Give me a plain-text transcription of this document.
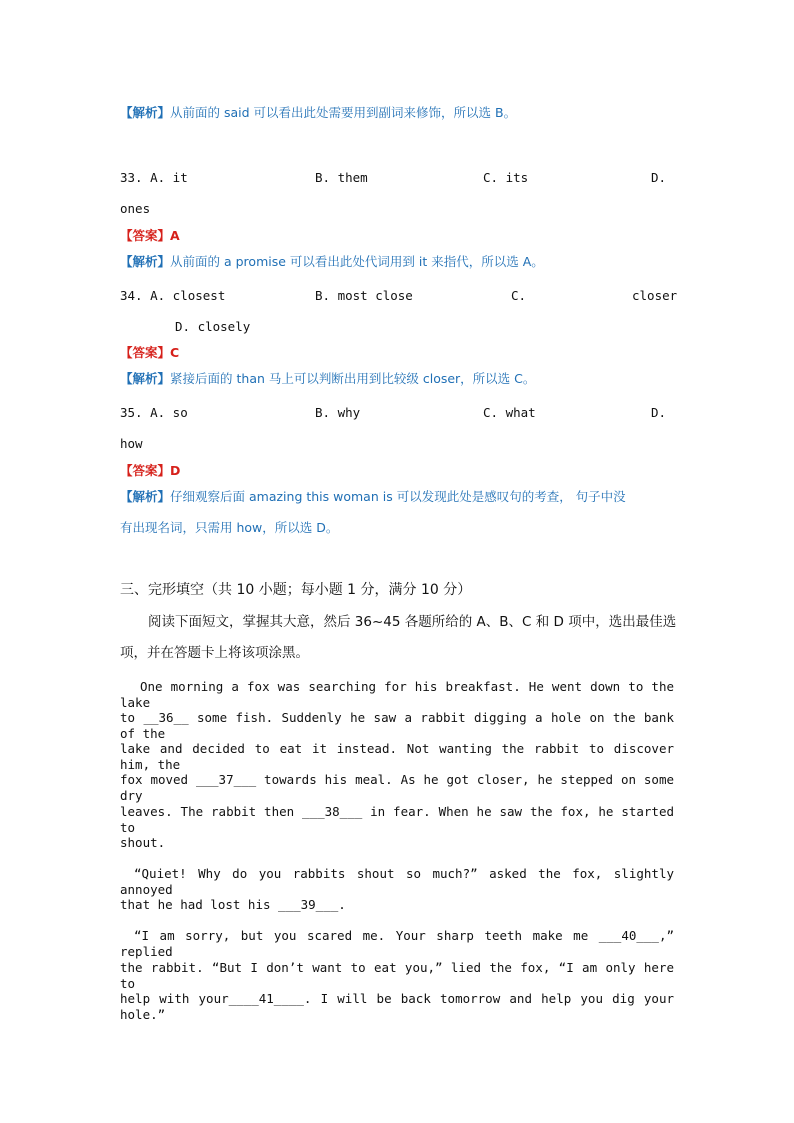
【解析】从前面的 said 可以看出此处需要用到副词来修饰，所以选 B。
33. A. it	B. them	C. its	D.
ones
【答案】A
【解析】从前面的 a promise 可以看出此处代词用到 it 来指代，所以选 A。
34. A. closest	B. most close	C.	closer
D. closely
【答案】C
【解析】紧接后面的 than 马上可以判断出用到比较级 closer，所以选 C。
35. A. so	B. why	C. what	D.
how
【答案】D
【解析】仔细观察后面 amazing this woman is 可以发现此处是感叹句的考查， 句子中没
有出现名词，只需用 how，所以选 D。
三、完形填空（共 10 小题；每小题 1 分，满分 10 分）
阅读下面短文，掌握其大意，然后 36~45 各题所给的 A、B、C 和 D 项中，选出最佳选
项，并在答题卡上将该项涂黑。
One morning a fox was searching for his breakfast. He went down to the lake
to __36__ some fish. Suddenly he saw a rabbit digging a hole on the bank of the
lake and decided to eat it instead. Not wanting the rabbit to discover him, the
fox moved ___37___ towards his meal. As he got closer, he stepped on some dry
leaves. The rabbit then ___38___ in fear. When he saw the fox, he started to
shout.
“Quiet! Why do you rabbits shout so much?” asked the fox, slightly annoyed
that he had lost his ___39___.
“I am sorry, but you scared me. Your sharp teeth make me ___40___,” replied
the rabbit. “But I don’t want to eat you,” lied the fox, “I am only here to
help with your____41____. I will be back tomorrow and help you dig your hole.”
